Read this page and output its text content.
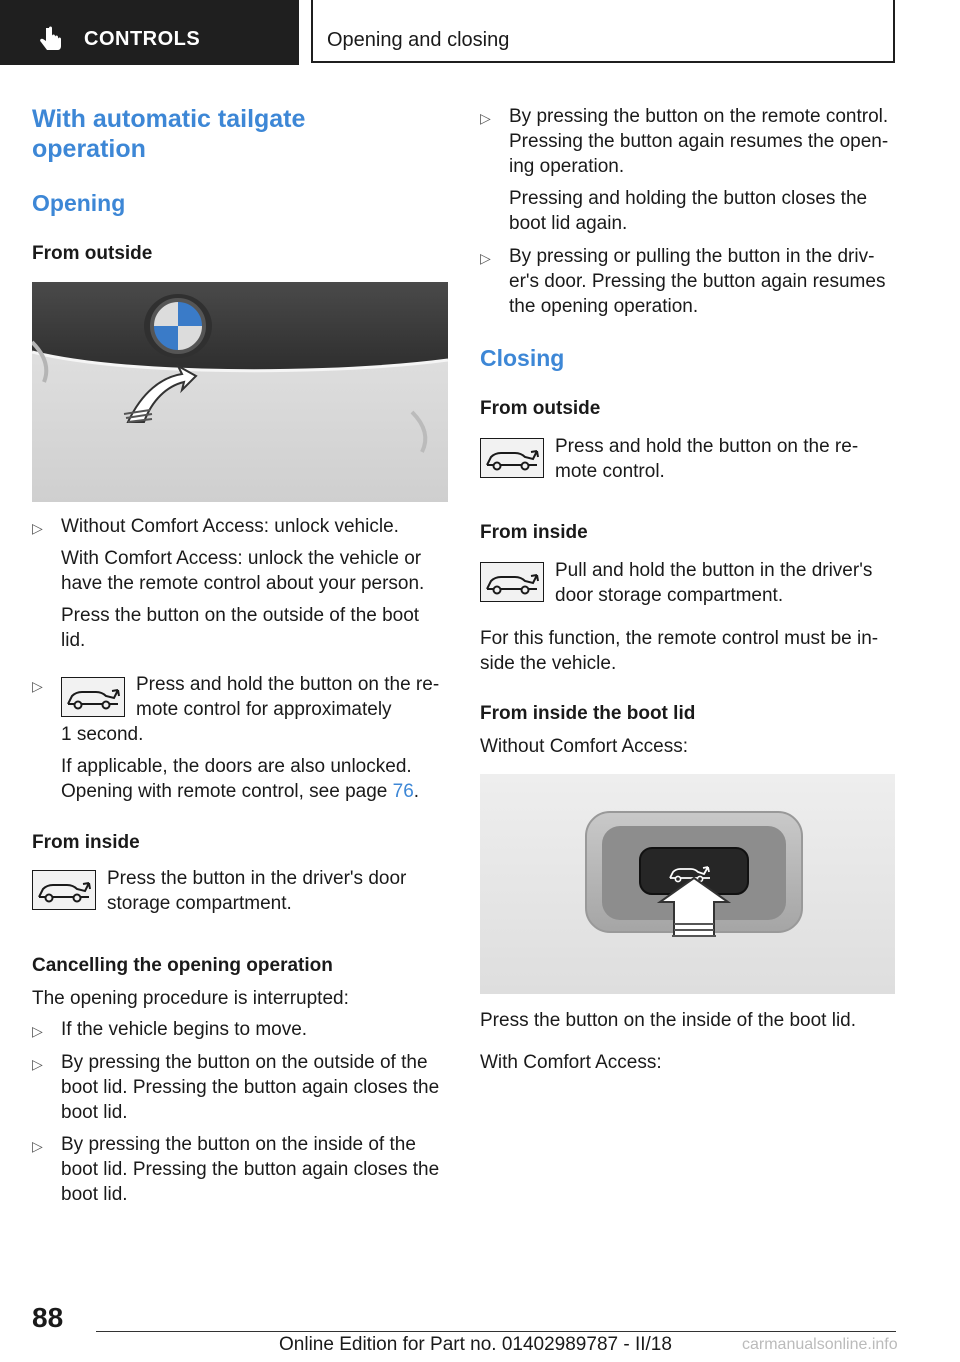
CONTROLS	Opening and closing
With automatic tailgate
operation
Opening
From outside
▷ Without Comfort Access: unlock vehicle.
With Comfort Access: unlock the vehicle or
have the remote control about your person.
Press the button on the outside of the boot
lid.
▷	Press and hold the button on the re-
mote control for approximately
1 second.
If applicable, the doors are also unlocked.
Opening with remote control, see page 76.
From inside
Press the button in the driver's door
storage compartment.
Cancelling the opening operation
The opening procedure is interrupted:
▷ If the vehicle begins to move.
▷ By pressing the button on the outside of the
boot lid. Pressing the button again closes the
boot lid.
▷ By pressing the button on the inside of the
boot lid. Pressing the button again closes the
boot lid.
▷ By pressing the button on the remote control.
Pressing the button again resumes the open-
ing operation.
Pressing and holding the button closes the
boot lid again.
▷ By pressing or pulling the button in the driv-
er's door. Pressing the button again resumes
the opening operation.
Closing
From outside
Press and hold the button on the re-
mote control.
From inside
Pull and hold the button in the driver's
door storage compartment.
For this function, the remote control must be in-
side the vehicle.
From inside the boot lid
Without Comfort Access:
Press the button on the inside of the boot lid.
With Comfort Access:
88
Online Edition for Part no. 01402989787 - II/18	carmanualsonline.info
